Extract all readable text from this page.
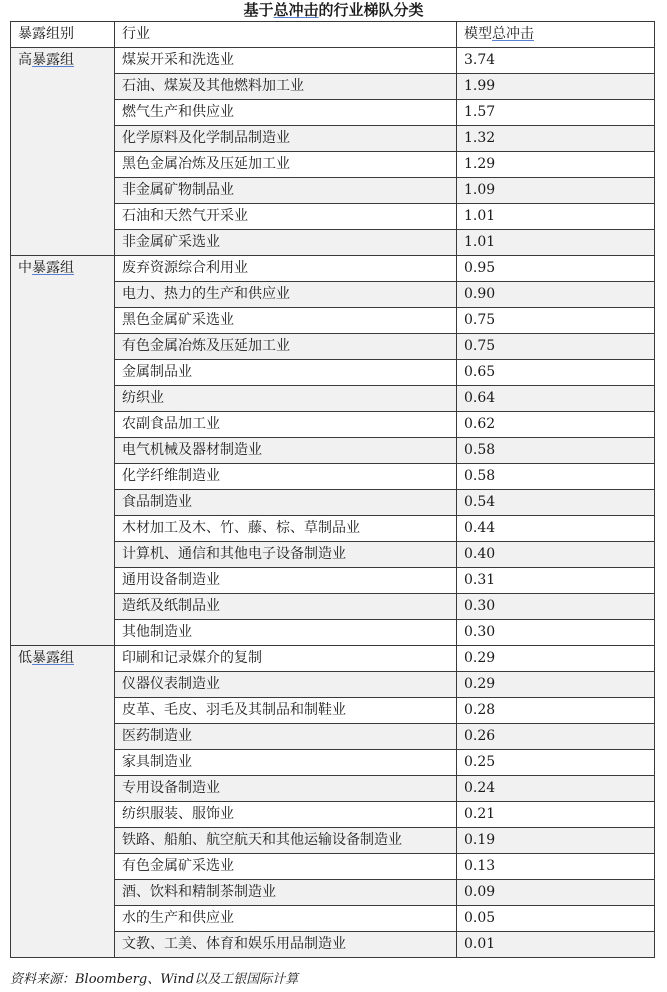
基于总冲击的行业梯队分类
暴露组别	行业	模型总冲击
高暴露组	煤炭开采和洗选业	3.74
	石油、煤炭及其他燃料加工业	1.99
	燃气生产和供应业	1.57
	化学原料及化学制品制造业	1.32
	黑色金属冶炼及压延加工业	1.29
	非金属矿物制品业	1.09
	石油和天然气开采业	1.01
	非金属矿采选业	1.01
中暴露组	废弃资源综合利用业	0.95
	电力、热力的生产和供应业	0.90
	黑色金属矿采选业	0.75
	有色金属冶炼及压延加工业	0.75
	金属制品业	0.65
	纺织业	0.64
	农副食品加工业	0.62
	电气机械及器材制造业	0.58
	化学纤维制造业	0.58
	食品制造业	0.54
	木材加工及木、竹、藤、棕、草制品业	0.44
	计算机、通信和其他电子设备制造业	0.40
	通用设备制造业	0.31
	造纸及纸制品业	0.30
	其他制造业	0.30
低暴露组	印刷和记录媒介的复制	0.29
	仪器仪表制造业	0.29
	皮革、毛皮、羽毛及其制品和制鞋业	0.28
	医药制造业	0.26
	家具制造业	0.25
	专用设备制造业	0.24
	纺织服装、服饰业	0.21
	铁路、船舶、航空航天和其他运输设备制造业	0.19
	有色金属矿采选业	0.13
	酒、饮料和精制茶制造业	0.09
	水的生产和供应业	0.05
	文教、工美、体育和娱乐用品制造业	0.01
资料来源：Bloomberg、Wind以及工银国际计算
